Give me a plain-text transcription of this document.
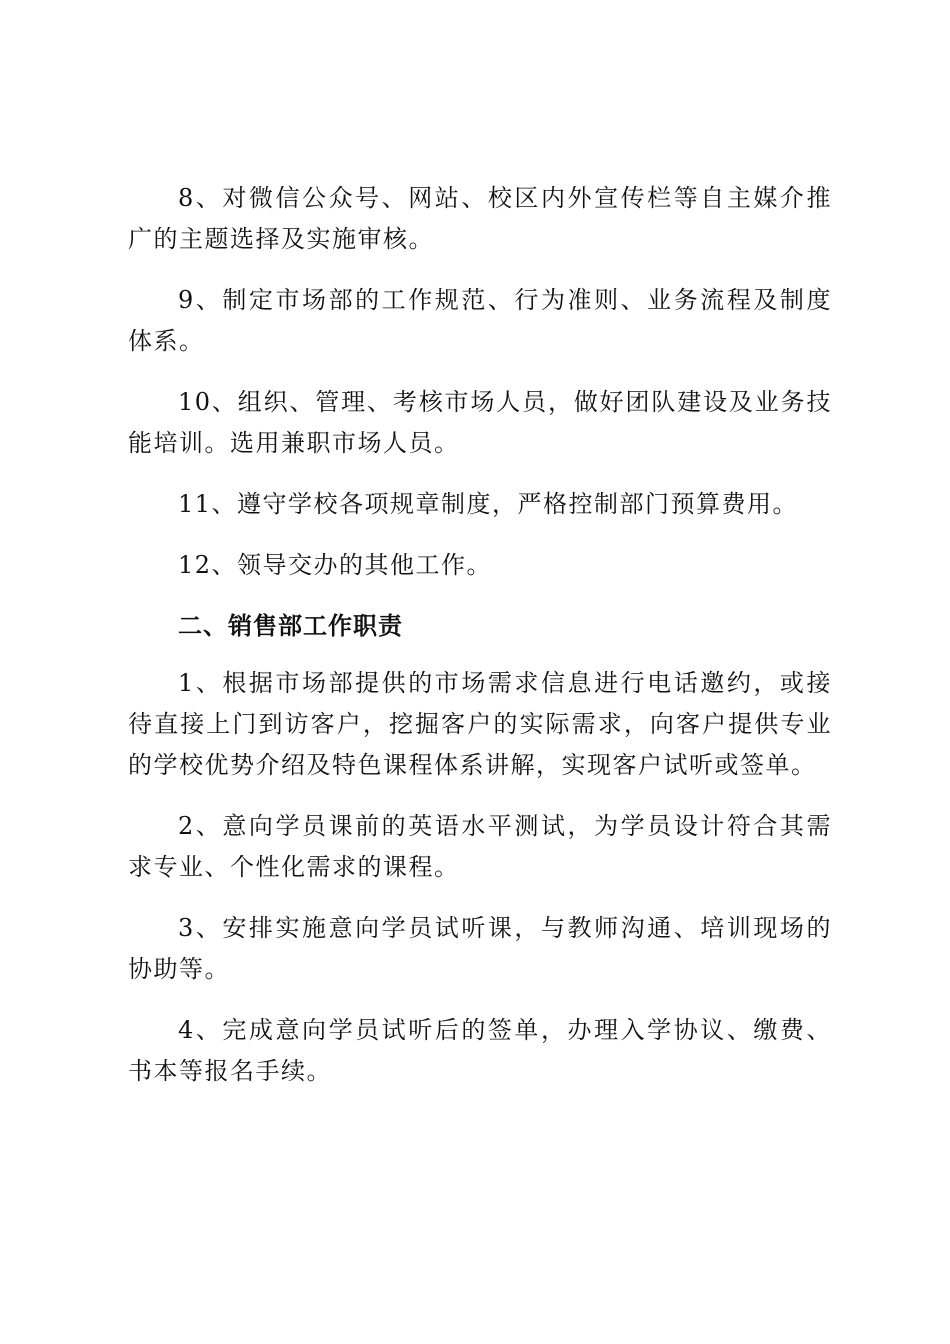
8、对微信公众号、网站、校区内外宣传栏等自主媒介推广的主题选择及实施审核。

9、制定市场部的工作规范、行为准则、业务流程及制度体系。

10、组织、管理、考核市场人员，做好团队建设及业务技能培训。选用兼职市场人员。

11、遵守学校各项规章制度，严格控制部门预算费用。

12、领导交办的其他工作。

二、销售部工作职责

1、根据市场部提供的市场需求信息进行电话邀约，或接待直接上门到访客户，挖掘客户的实际需求，向客户提供专业的学校优势介绍及特色课程体系讲解，实现客户试听或签单。

2、意向学员课前的英语水平测试，为学员设计符合其需求专业、个性化需求的课程。

3、安排实施意向学员试听课，与教师沟通、培训现场的协助等。

4、完成意向学员试听后的签单，办理入学协议、缴费、书本等报名手续。
